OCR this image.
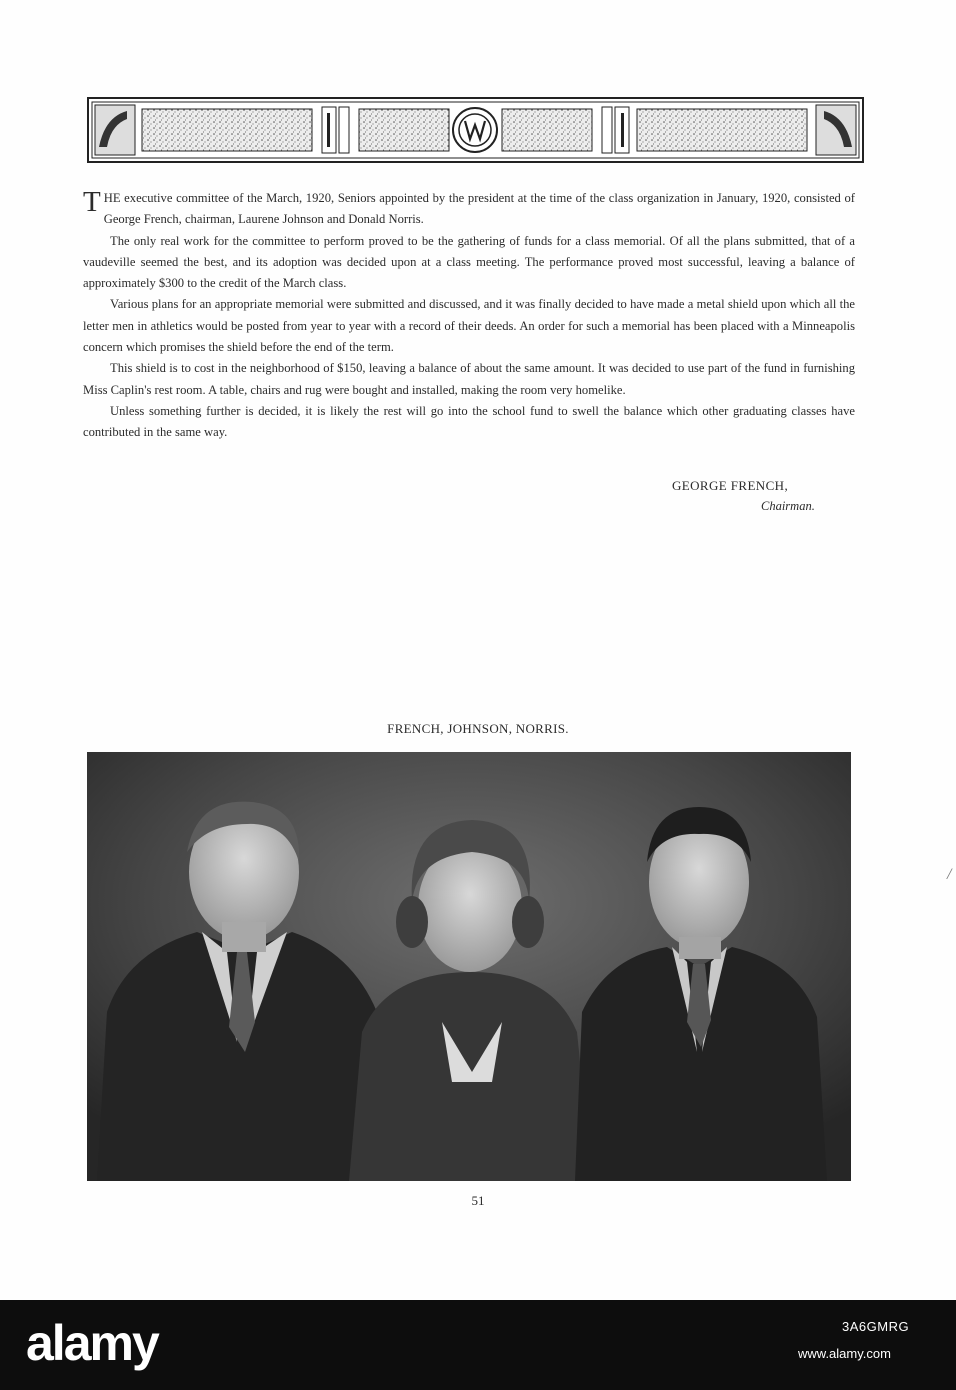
THE executive committee of the March, 1920, Seniors appointed by the president at the time of the class organization in January, 1920, consisted of George French, chairman, Laurene Johnson and Donald Norris.

The only real work for the committee to perform proved to be the gathering of funds for a class memorial. Of all the plans submitted, that of a vaudeville seemed the best, and its adoption was decided upon at a class meeting. The performance proved most successful, leaving a balance of approximately $300 to the credit of the March class.

Various plans for an appropriate memorial were submitted and discussed, and it was finally decided to have made a metal shield upon which all the letter men in athletics would be posted from year to year with a record of their deeds. An order for such a memorial has been placed with a Minneapolis concern which promises the shield before the end of the term.

This shield is to cost in the neighborhood of $150, leaving a balance of about the same amount. It was decided to use part of the fund in furnishing Miss Caplin's rest room. A table, chairs and rug were bought and installed, making the room very homelike.

Unless something further is decided, it is likely the rest will go into the school fund to swell the balance which other graduating classes have contributed in the same way.

GEORGE FRENCH,
Chairman.
FRENCH, JOHNSON, NORRIS.
51
/
alamy	3A6GMRG
www.alamy.com
